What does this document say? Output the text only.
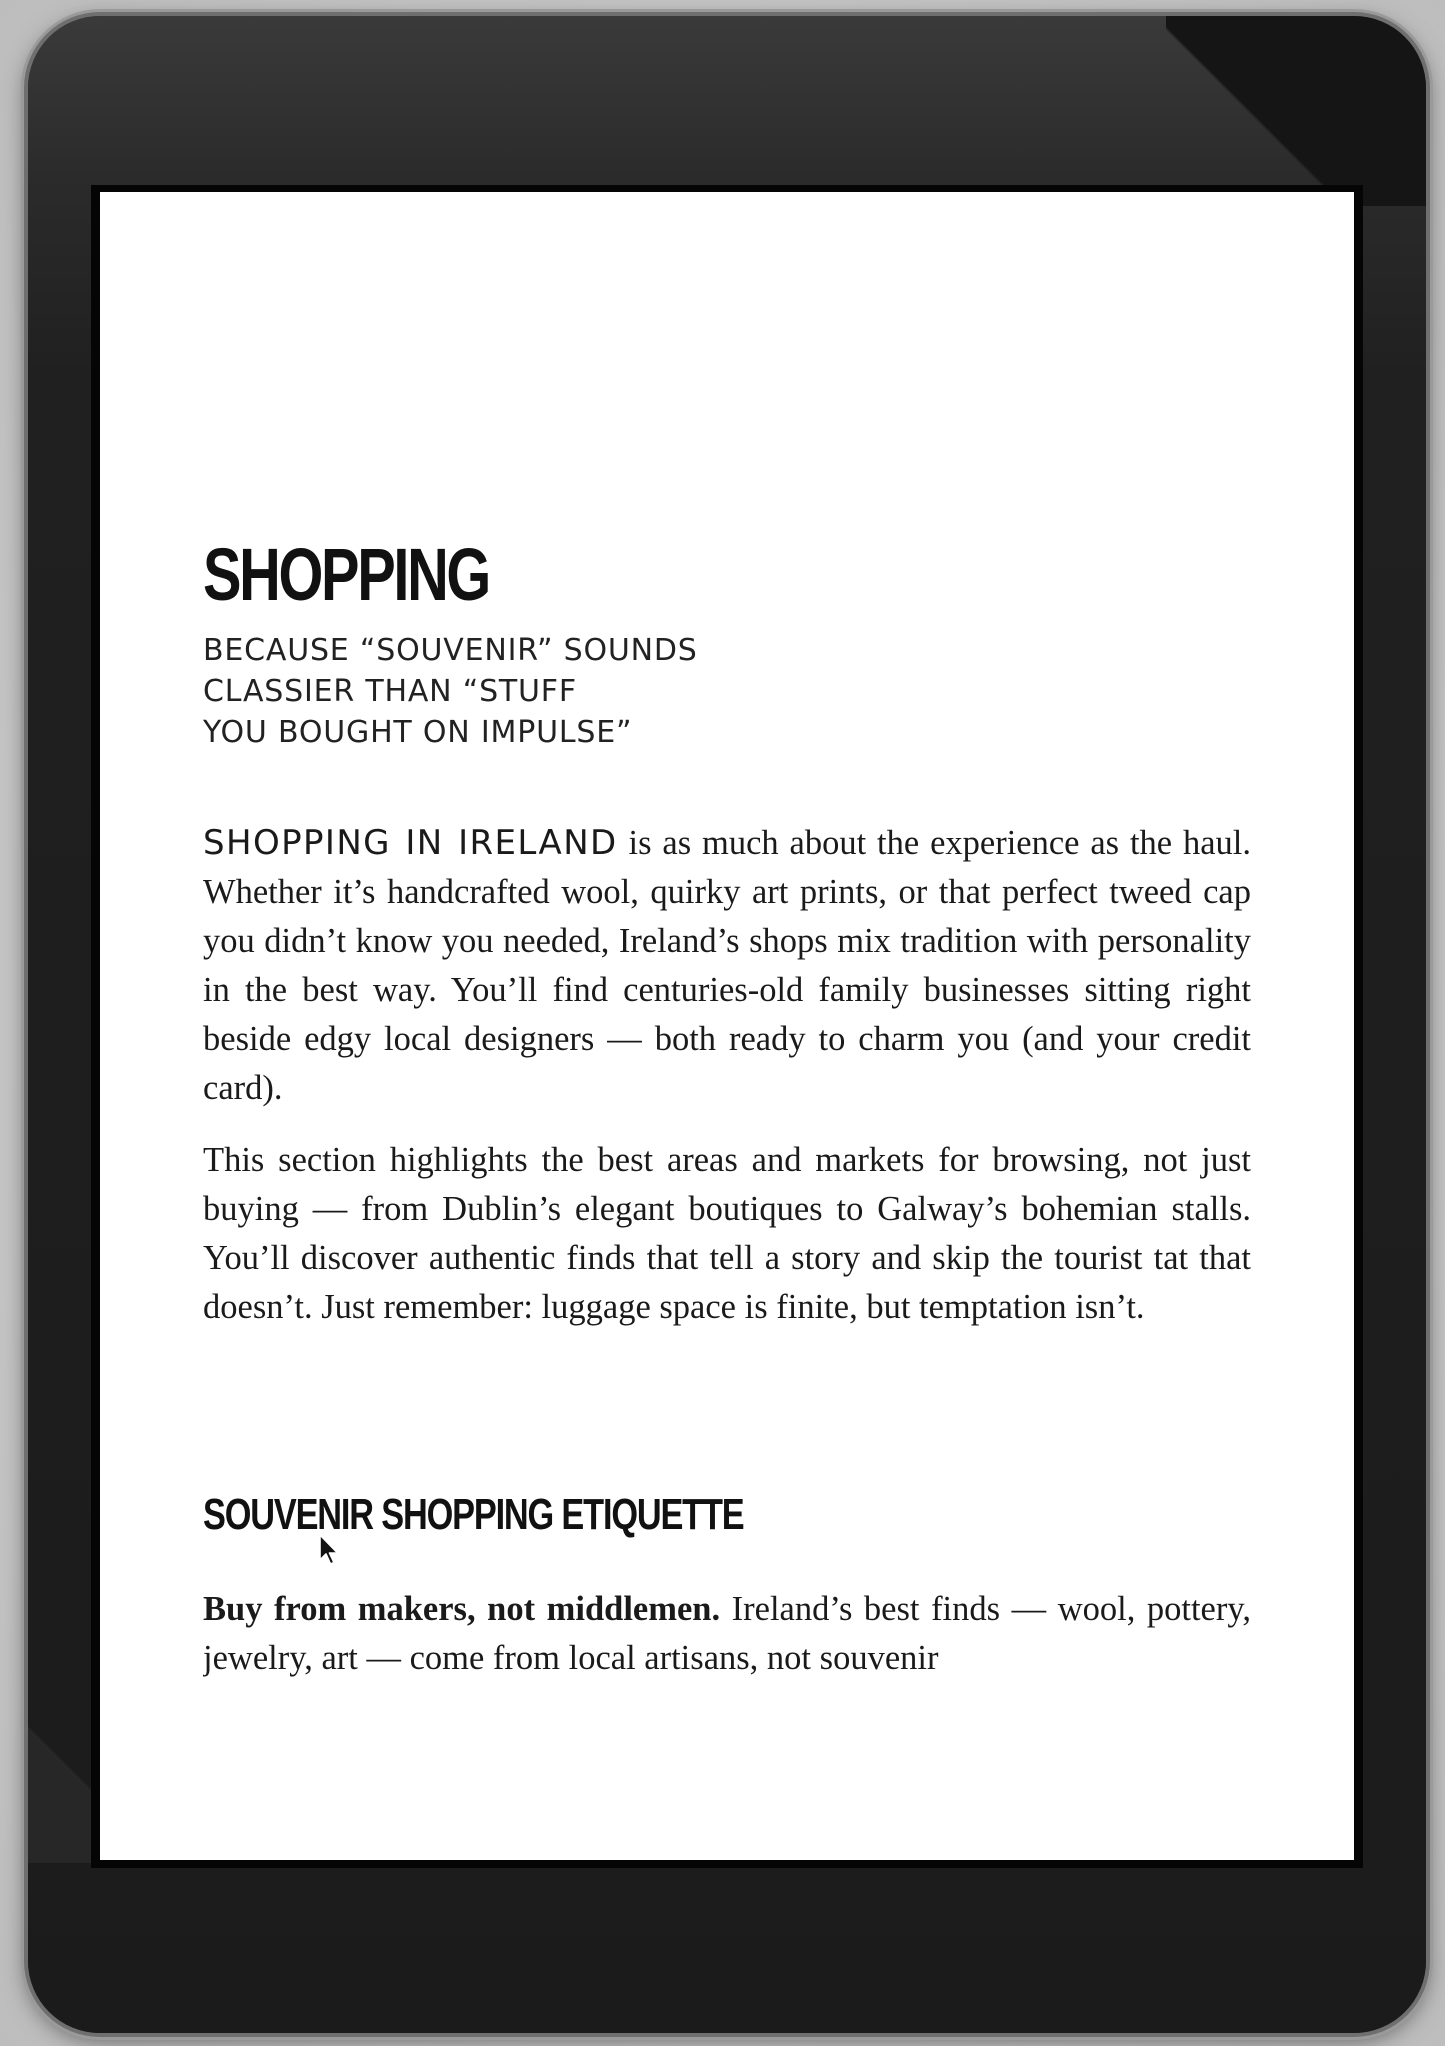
SHOPPING
BECAUSE “SOUVENIR” SOUNDS
CLASSIER THAN “STUFF
YOU BOUGHT ON IMPULSE”

SHOPPING IN IRELAND is as much about the experience as the haul. Whether it’s handcrafted wool, quirky art prints, or that perfect tweed cap you didn’t know you needed, Ireland’s shops mix tradition with personality in the best way. You’ll find centuries-old family businesses sitting right beside edgy local designers — both ready to charm you (and your credit card).

This section highlights the best areas and markets for browsing, not just buying — from Dublin’s elegant boutiques to Galway’s bohemian stalls. You’ll discover authentic finds that tell a story and skip the tourist tat that doesn’t. Just remember: luggage space is finite, but temptation isn’t.

SOUVENIR SHOPPING ETIQUETTE

Buy from makers, not middlemen. Ireland’s best finds — wool, pottery, jewelry, art — come from local artisans, not souvenir
